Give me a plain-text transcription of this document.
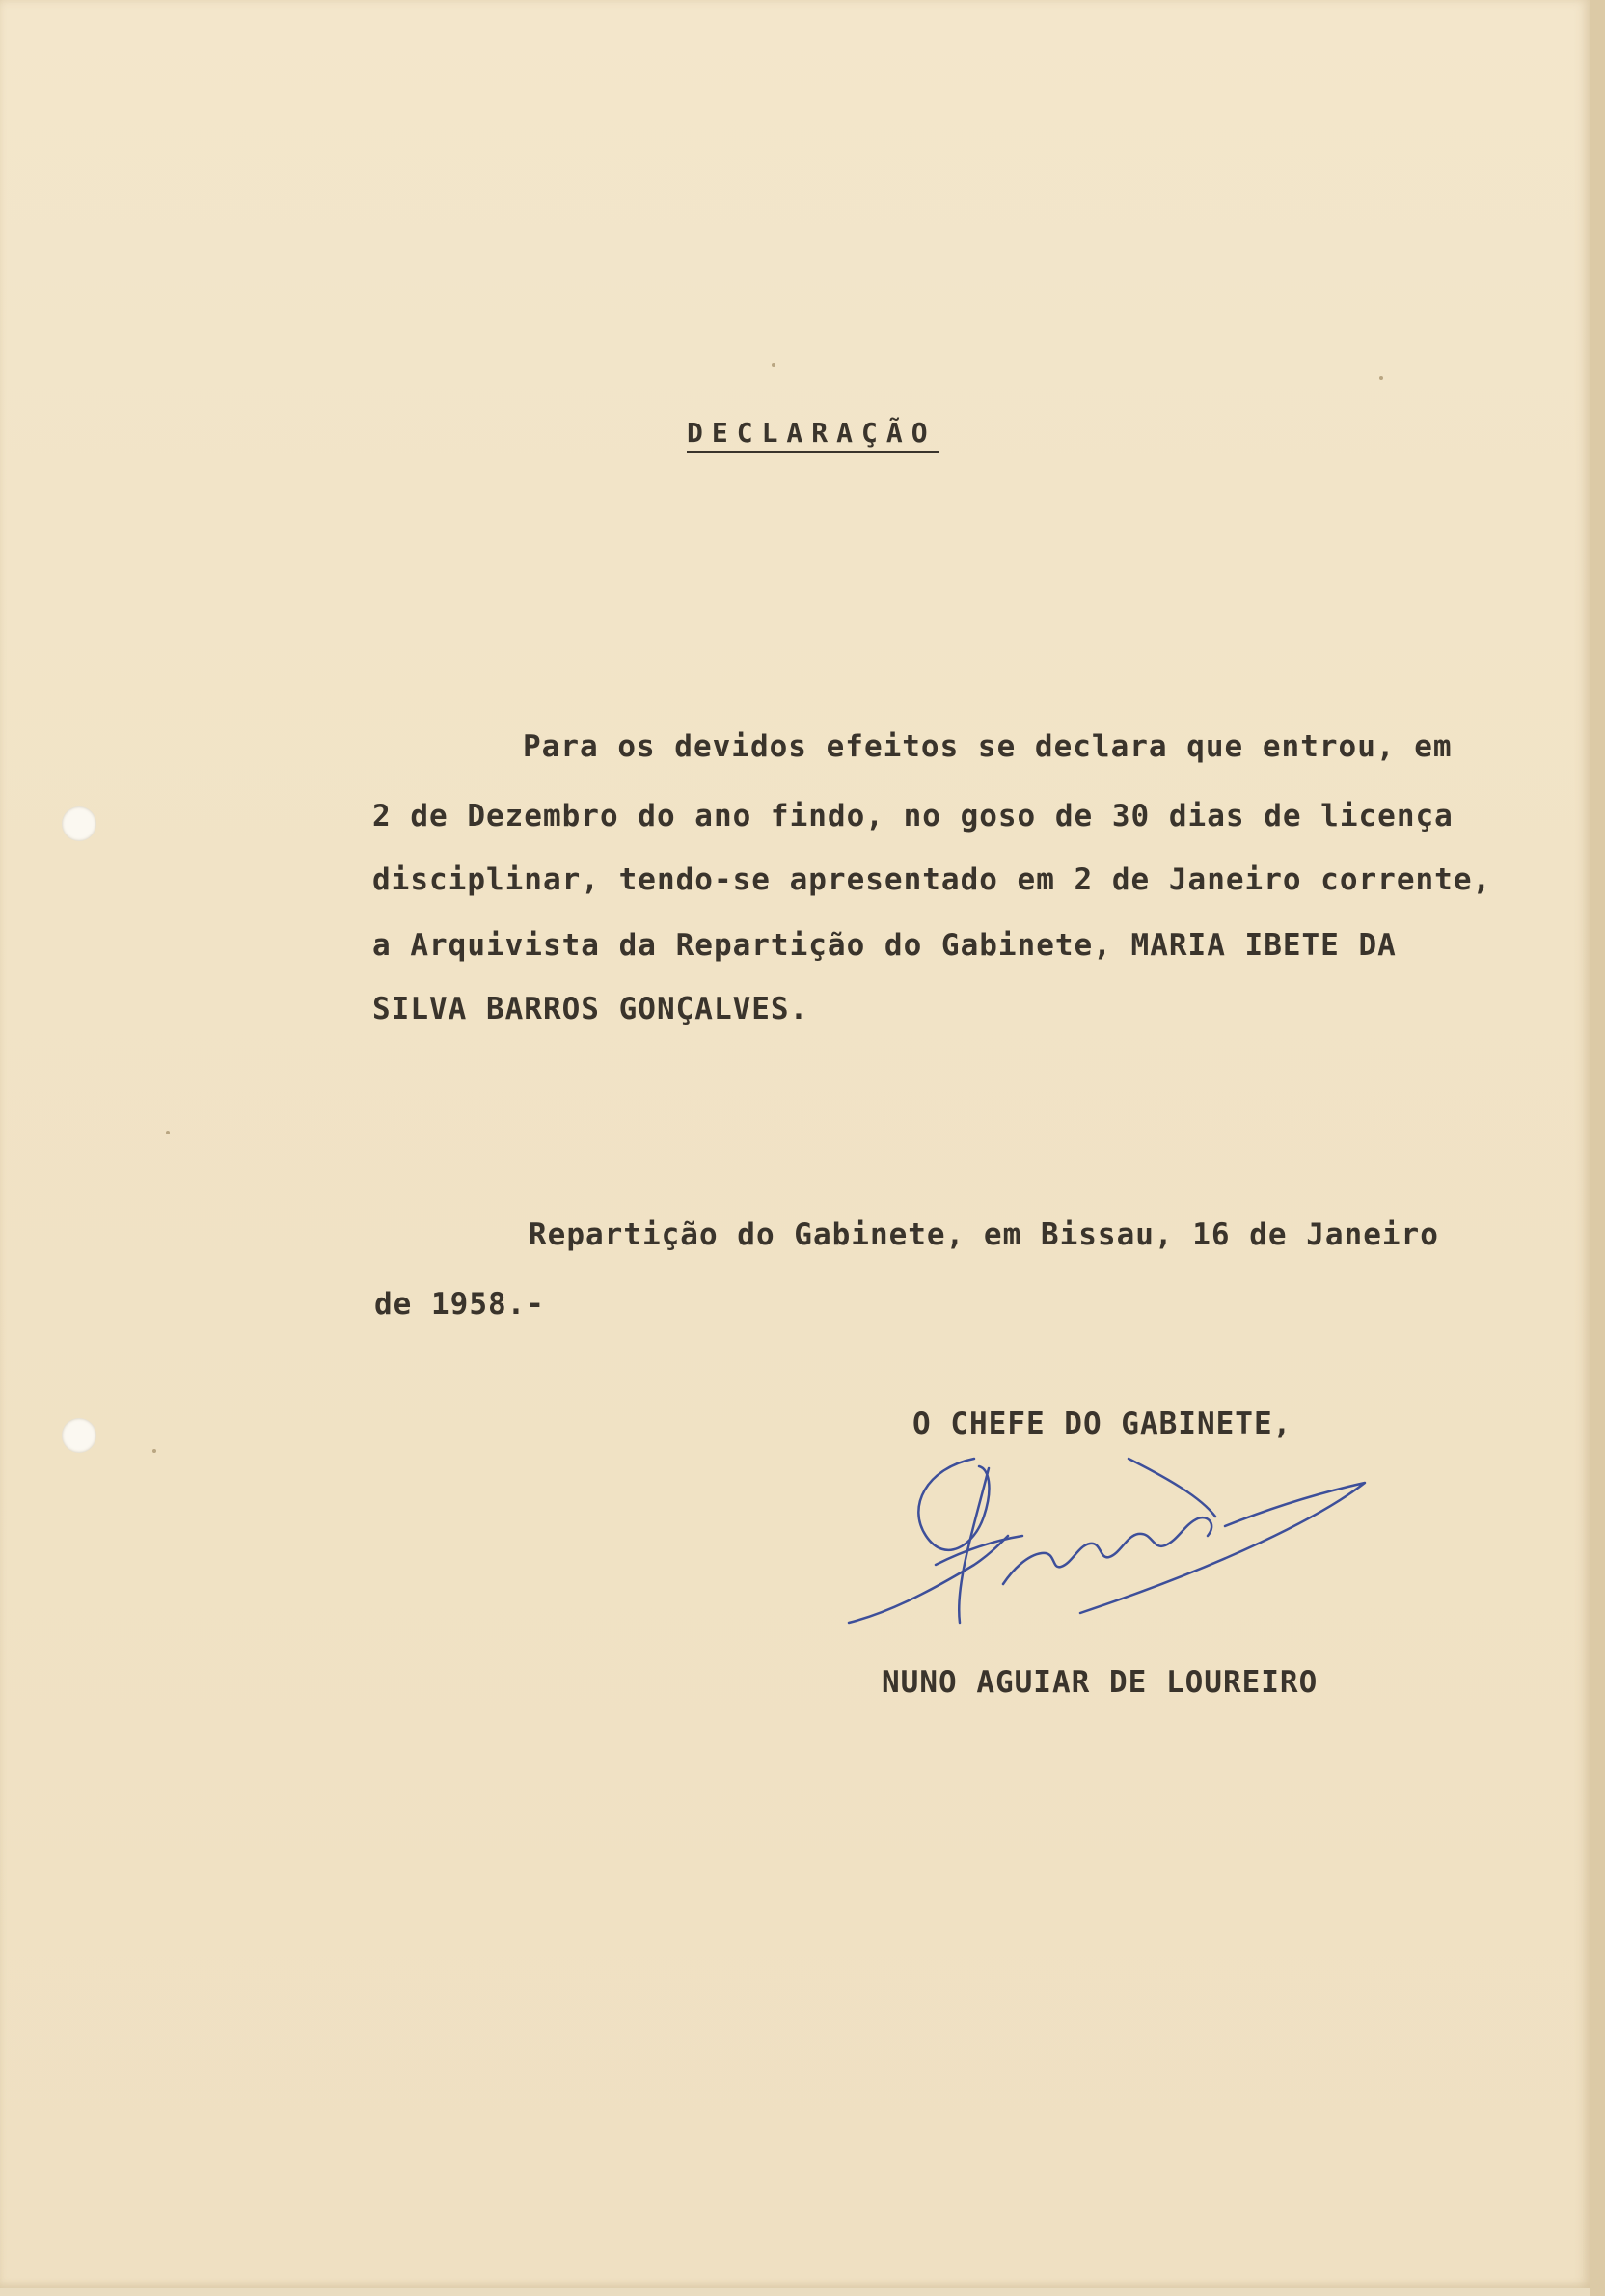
DECLARAÇÃO
Para os devidos efeitos se declara que entrou, em
2 de Dezembro do ano findo, no goso de 30 dias de licença
disciplinar, tendo-se apresentado em 2 de Janeiro corrente,
a Arquivista da Repartição do Gabinete, MARIA IBETE DA
SILVA BARROS GONÇALVES.
Repartição do Gabinete, em Bissau, 16 de Janeiro
de 1958.-
O CHEFE DO GABINETE,
NUNO AGUIAR DE LOUREIRO
